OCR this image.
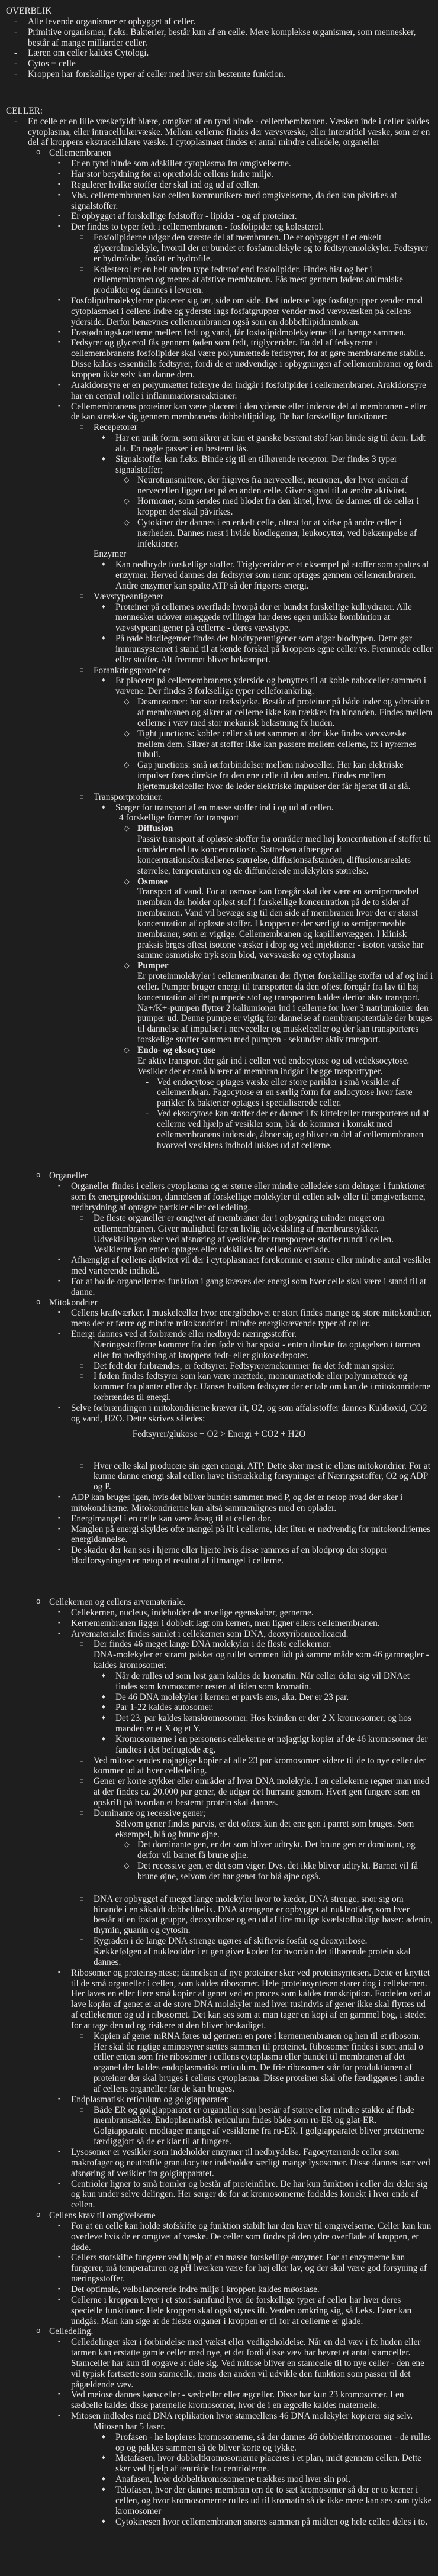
OVERBLIK
- Alle levende organismer er opbygget af celler.
- Primitive organismer, f.eks. Bakterier, består kun af en celle. Mere komplekse organismer, som mennesker, består af mange milliarder celler.
- Læren om celler kaldes Cytologi.
- Cytos = celle
- Kroppen har forskellige typer af celler med hver sin bestemte funktion.
CELLER:
- En celle er en lille væskefyldt blære, omgivet af en tynd hinde - cellembembranen. Væsken inde i celler kaldes cytoplasma, eller intracellulærvæske. Mellem cellerne findes der vævsvæske, eller interstitiel væske, som er en del af kroppens ekstracellulære væske. I cytoplasmaet findes et antal mindre celledele, organeller
o Cellemembranen
▪ Er en tynd hinde som adskiller cytoplasma fra omgivelserne.
▪ Har stor betydning for at opretholde cellens indre miljø.
▪ Regulerer hvilke stoffer der skal ind og ud af cellen.
▪ Vha. cellemembranen kan cellen kommunikere med omgivelserne, da den kan påvirkes af signalstoffer.
▪ Er opbygget af forskellige fedstoffer - lipider - og af proteiner.
▪ Der findes to typer fedt i cellemembranen - fosfolipider og kolesterol.
□ Fosfolipiderne udgør den største del af membranen. De er opbygget af et enkelt glycerolmolekyle, hvortil der er bundet et fosfatmolekyle og to fedtsyremolekyler. Fedtsyrer er hydrofobe, fosfat er hydrofile.
□ Kolesterol er en helt anden type fedtstof end fosfolipider. Findes hist og her i cellemembranen og menes at afstive membranen. Fås mest gennem fødens animalske produkter og dannes i leveren.
▪ Fosfolipidmolekylerne placerer sig tæt, side om side. Det inderste lags fosfatgrupper vender mod cytoplasmaet i cellens indre og yderste lags fosfatgrupper vender mod vævsvæsken på cellens yderside. Derfor benævnes cellemembranen også som en dobbeltlipidmembran.
▪ Frastødningskræfterne mellem fedt og vand, får fosfolipidmolekylerne til at hænge sammen.
▪ Fedsyrer og glycerol fås gennem føden som fedt, triglycerider. En del af fedsyrerne i cellemembranens fosfolipider skal være polyumættede fedtsyrer, for at gøre membranerne stabile. Disse kaldes essentielle fedtsyrer, fordi de er nødvendige i opbygningen af cellemembraner og fordi kroppen ikke selv kan danne dem.
▪ Arakidonsyre er en polyumættet fedtsyre der indgår i fosfolipider i cellemembraner. Arakidonsyre har en central rolle i inflammationsreaktioner.
▪ Cellemembranens proteiner kan være placeret i den yderste eller inderste del af membranen - eller de kan strække sig gennem membranens dobbeltlipidlag. De har forskellige funktioner:
□ Recepetorer
♦ Har en unik form, som sikrer at kun et ganske bestemt stof kan binde sig til dem. Lidt ala. En nøgle passer i en bestemt lås.
♦ Signalstoffer kan f.eks. Binde sig til en tilhørende receptor. Der findes 3 typer signalstoffer;
◇ Neurotransmittere, der frigives fra nerveceller, neuroner, der hvor enden af nervecellen ligger tæt på en anden celle. Giver signal til at ændre aktivitet.
◇ Hormoner, som sendes med blodet fra den kirtel, hvor de dannes til de celler i kroppen der skal påvirkes.
◇ Cytokiner der dannes i en enkelt celle, oftest for at virke på andre celler i nærheden. Dannes mest i hvide blodlegemer, leukocytter, ved bekæmpelse af infektioner.
□ Enzymer
♦ Kan nedbryde forskellige stoffer. Triglycerider er et eksempel på stoffer som spaltes af enzymer. Herved dannes der fedtsyrer som nemt optages gennem cellemembranen. Andre enzymer kan spalte ATP så der frigøres energi.
□ Vævstypeantigener
♦ Proteiner på cellernes overflade hvorpå der er bundet forskellige kulhydrater. Alle mennesker udover enæggede tvillinger har deres egen unikke kombintion at vævstypeantigener på cellerne - deres vævstype.
♦ På røde blodlegemer findes der blodtypeantigener som afgør blodtypen. Dette gør immunsystemet i stand til at kende forskel på kroppens egne celler vs. Fremmede celler eller stoffer. Alt fremmet bliver bekæmpet.
□ Forankringsproteiner
♦ Er placeret på cellemembranens yderside og benyttes til at koble naboceller sammen i vævene. Der findes 3 forksellige typer celleforankring.
◇ Desmosomer: har stor trækstyrke. Består af proteiner på både inder og ydersiden af membranen og sikrer at cellerne ikke kan trækkes fra hinanden. Findes mellem cellerne i væv med stor mekanisk belastning fx huden.
◇ Tight junctions: kobler celler så tæt sammen at der ikke findes vævsvæske mellem dem. Sikrer at stoffer ikke kan passere mellem cellerne, fx i nyrernes tubuli.
◇ Gap junctions: små rørforbindelser mellem naboceller. Her kan elektriske impulser føres direkte fra den ene celle til den anden. Findes mellem hjertemuskelceller hvor de leder elektriske impulser der får hjertet til at slå.
□ Transportproteiner.
♦ Sørger for transport af en masse stoffer ind i og ud af cellen.
4 forskellige former for transport
◇ Diffusion
Passiv transport af opløste stoffer fra områder med høj koncentration af stoffet til områder med lav koncentratio<n. Søttrelsen afhænger af koncentrationsforskellenes størrelse, diffusionsafstanden, diffusionsarealets størrelse, temperaturen og de diffunderede molekylers størrelse.
◇ Osmose
Transport af vand. For at osmose kan foregår skal der være en semipermeabel membran der holder opløst stof i forskellige koncentration på de to sider af membranen. Vand vil bevæge sig til den side af membranen hvor der er størst koncentration af opløste stoffer. I kroppen er der særligt to semipermeable membraner, som er vigtige. Cellemembranen og kapillærvæggen. I klinisk praksis brges oftest isotone væsker i drop og ved injektioner - isoton væske har samme osmotiske tryk som blod, vævsvæske og cytoplasma
◇ Pumper
Er proteinmolekyler i cellemembranen der flytter forskellige stoffer ud af og ind i celler. Pumper bruger energi til transporten da den oftest foregår fra lav til høj koncentration af det pumpede stof og transporten kaldes derfor aktv transport. Na+/K+-pumpen flytter 2 kaliumioner ind i cellerne for hver 3 natriumioner den pumper ud. Denne pumpe er vigtig for dannelse af membranpotentiale der bruges til dannelse af impulser i nerveceller og muskelceller og der kan transporteres forskelige stoffer sammen med pumpen - sekundær aktiv transport.
◇ Endo- og eksocytose
Er aktiv transport der går ind i cellen ved endocytose og ud vedeksocytose. Vesikler der er små blærer af membran indgår i begge trasporttyper.
- Ved endocytose optages væske eller store parikler i små vesikler af cellemembran. Fagocytose er en særlig form for endocytose hvor faste parikler fx bakterier optages i specialiserede celler.
- Ved eksocytose kan stoffer der er dannet i fx kirtelceller transporteres ud af cellerne ved hjælp af vesikler som, bår de kommer i kontakt med cellemembranens inderside, åbner sig og bliver en del af cellemembranen hvorved vesiklens indhold lukkes ud af cellerne.
o Organeller
▪ Organeller findes i cellers cytoplasma og er større eller mindre celledele som deltager i funktioner som fx energiproduktion, dannelsen af forskellige molekyler til cellen selv eller til omgiverlserne, nedbrydning af optagne partkler eller celledeling.
□ De fleste organeller er omgivet af membraner der i opbygning minder meget om cellemembranen. Giver mulighed for en livlig udveklsling af membranstykker. Udveklslingen sker ved afsnøring af vesikler der transporerer stoffer rundt i cellen. Vesiklerne kan enten optages eller udskilles fra cellens overflade.
▪ Afhængigt af cellens aktivitet vil der i cytoplasmaet forekomme et større eller mindre antal vesikler med varierende indhold.
▪ For at holde organellernes funktion i gang kræves der energi som hver celle skal være i stand til at danne.
o Mitokondrier
▪ Cellens kraftværker. I muskelceller hvor energibehovet er stort findes mange og store mitokondrier, mens der er færre og mindre mitokondrier i mindre energikrævende typer af celler.
▪ Energi dannes ved at forbrænde eller nedbryde næringsstoffer.
□ Næringsstofferne kommer fra den føde vi har spsist - enten direkte fra optagelsen i tarmen eller fra nedbydning af kroppens fedt- eller glukosedepoter.
□ Det fedt der forbrændes, er fedtsyrer. Fedtsyrerernekommer fra det fedt man spsier.
□ I føden findes fedtsyrer som kan være mættede, monoumættede eller polyumættede og kommer fra planter eller dyr. Uanset hvilken fedtsyrer der er tale om kan de i mitokonriderne forbrændes til energi.
▪ Selve forbrændingen i mitokondrierne kræver ilt, O2, og som affalsstoffer dannes Kuldioxid, CO2 og vand, H2O. Dette skrives således:
Fedtsyrer/glukose + O2 > Energi + CO2 + H2O
□ Hver celle skal producere sin egen energi, ATP. Dette sker mest ic ellens mitokondrier. For at kunne danne energi skal cellen have tilstrækkelig forsyninger af Næringsstoffer, O2 og ADP og P.
▪ ADP kan bruges igen, hvis det bliver bundet sammen med P, og det er netop hvad der sker i mitokondrierne. Mitokondrierne kan altså sammenlignes med en oplader.
▪ Energimangel i en celle kan være årsag til at cellen dør.
▪ Manglen på energi skyldes ofte mangel på ilt i cellerne, idet ilten er nødvendig for mitokondriernes energidannelse.
▪ De skader der kan ses i hjerne eller hjerte hvis disse rammes af en blodprop der stopper blodforsyningen er netop et resultat af iltmangel i cellerne.
o Cellekernen og cellens arvemateriale.
▪ Cellekernen, nucleus, indeholder de arvelige egenskaber, gernerne.
▪ Kernemembranen ligger i dobbelt lagt om kernen, men ligner ellers cellemembranen.
▪ Arvematerialet findes samlet i cellekernen som DNA, deoxyribonucelicacid.
□ Der findes 46 meget lange DNA molekyler i de fleste cellekerner.
□ DNA-molekyler er stramt pakket og rullet sammen lidt på samme måde som 46 garnnøgler - kaldes kromosomer.
♦ Når de rulles ud som løst garn kaldes de kromatin. Når celler deler sig vil DNAet findes som kromosomer resten af tiden som kromatin.
♦ De 46 DNA molekyler i kernen er parvis ens, aka. Der er 23 par.
♦ Par 1-22 kaldes autosomer.
♦ Det 23. par kaldes kønskromosomer. Hos kvinden er der 2 X kromosomer, og hos manden er et X og et Y.
♦ Kromosomerne i en personens cellekerne er nøjagtigt kopier af de 46 kromosomer der fandtes i det befrugtede æg.
□ Ved mitose sendes nøjagtige kopier af alle 23 par kromosomer videre til de to nye celler der kommer ud af hver celledeling.
□ Gener er korte stykker eller områder af hver DNA molekyle. I en cellekerne regner man med at der findes ca. 20.000 par gener, de udgør det humane genom. Hvert gen fungere som en opskrift på hvordan et bestemt protein skal dannes.
□ Dominante og recessive gener;
Selvom gener findes parvis, er det oftest kun det ene gen i parret som bruges. Som eksempel, blå og brune øjne.
◇ Det dominante gen, er det som bliver udtrykt. Det brune gen er dominant, og derfor vil barnet få brune øjne.
◇ Det recessive gen, er det som viger. Dvs. det ikke bliver udtrykt. Barnet vil få brune øjne, selvom det har genet for blå øjne også.
□ DNA er opbygget af meget lange molekyler hvor to kæder, DNA strenge, snor sig om hinande i en såkaldt dobbelthelix. DNA strengene er opbygget af nukleotider, som hver består af en fosfat gruppe, deoxyribose og en ud af fire mulige kvælstofholdige baser: adenin, thymin, guanin og cytosin.
□ Rygraden i de lange DNA strenge ugøres af skiftevis fosfat og deoxyribose.
□ Rækkefølgen af nukleotider i et gen giver koden for hvordan det tilhørende protein skal dannes.
▪ Ribosomer og proteinsyntese; dannelsen af nye proteiner sker ved proteinsyntesen. Dette er knyttet til de små organeller i cellen, som kaldes ribosomer. Hele proteinsyntesen starer dog i cellekernen. Her laves en eller flere små kopier af genet ved en proces som kaldes transkription. Fordelen ved at lave kopier af genet er at de store DNA molekyler med hver tusindvis af gener ikke skal flyttes ud af cellekernen og ud i ribosomet. Det kan ses som at man tager en kopi af en gammel bog, i stedet for at tage den ud og risikere at den bliver beskadiget.
□ Kopien af gener mRNA føres ud gennem en pore i kernemembranen og hen til et ribosom. Her skal de rigtige aminosyrer sættes sammen til proteinet. Ribosomer findes i stort antal o celler enten som frie ribosomer i cellens cytoplasma eller bundet til membranen af det organel der kaldes endoplasmatisk reticulum. De frie ribosomer står for produktionen af proteiner der skal bruges i cellens cytoplasma. Disse proteiner skal ofte færdiggøres i andre af cellens organeller før de kan bruges.
▪ Endplasmatisk reticulum og golgiapparatet;
□ Både ER og golgiapparatet er organeller som består af større eller mindre stakke af flade membransække. Endoplasmatisk reticulum fndes både som ru-ER og glat-ER.
□ Golgiapparatet modtager mange af vesiklerne fra ru-ER. I golgiapparatet bliver proteinerne færdiggjort så de er klar til at fungere.
▪ Lysosomer er vesikler som indeholder enzymer til nedbrydelse. Fagocyterrende celler som makrofager og neutrofile granulocytter indeholder særligt mange lysosomer. Disse dannes især ved afsnøring af vesikler fra golgiapparatet.
▪ Centrioler ligner to små tromler og består af proteinfibre. De har kun funktion i celler der deler sig og kun under selve delingen. Her sørger de for at kromosomerne fodeldes korrekt i hver ende af cellen.
o Cellens krav til omgivelserne
▪ For at en celle kan holde stofskifte og funktion stabilt har den krav til omgivelserne. Celler kan kun overleve hvis de er omgivet af væske. De celler som findes på den ydre overflade af kroppen, er døde.
▪ Cellers stofskifte fungerer ved hjælp af en masse forskellige enzymer. For at enzymerne kan fungerer, må temperaturen og pH hverken være for høj eller lav, og der skal være god forsyning af næringsstoffer.
▪ Det optimale, velbalancerede indre miljø i kroppen kaldes møostase.
▪ Cellerne i kroppen lever i et stort samfund hvor de forskellige typer af celler har hver deres specielle funktioner. Hele kroppen skal også styres ift. Verden omkring sig, så f.eks. Farer kan undgås. Man kan sige at de fleste organer i kroppen er til for at cellerne er glade.
o Celledeling.
▪ Celledelinger sker i forbindelse med vækst eller vedligeholdelse. Når en del væv i fx huden eller tarmen kan erstatte gamle celler med nye, et det fordi disse væv har bevret et antal stamceller. Stamceller har kun til opgave at dele sig. Ved mitose bliver en stamcelle til to nye celler - den ene vil typisk fortsætte som stamcelle, mens den anden vil udvikle den funktion som passer til det pågældende væv.
▪ Ved meiose dannes kønsceller - sædceller eller ægceller. Disse har kun 23 kromosomer. I en sædcelle kaldes disse paternelle kromosomer, hvor de i en ægcelle kaldes maternelle.
▪ Mitosen indledes med DNA replikation hvor stamcellens 46 DNA molekyler kopierer sig selv.
□ Mitosen har 5 faser.
♦ Profasen - he kopieres kromosomerne, så der dannes 46 dobbeltkromosomer - de rulles op og pakkes sammen så de bliver korte og tykke.
♦ Metafasen, hvor dobbeltkromosomerne placeres i et plan, midt gennem cellen. Dette sker ved hjælp af tentråde fra centriolerne.
♦ Anafasen, hvor dobbeltkromosomerne trækkes mod hver sin pol.
♦ Telofasen, hvor der dannes membran om de to sæt kromosomer så der er to kerner i cellen, og hvor kromosomerne rulles ud til kromatin så de ikke mere kan ses som tykke kromosomer
♦ Cytokinesen hvor cellemembranen snøres sammen på midten og hele cellen deles i to.
